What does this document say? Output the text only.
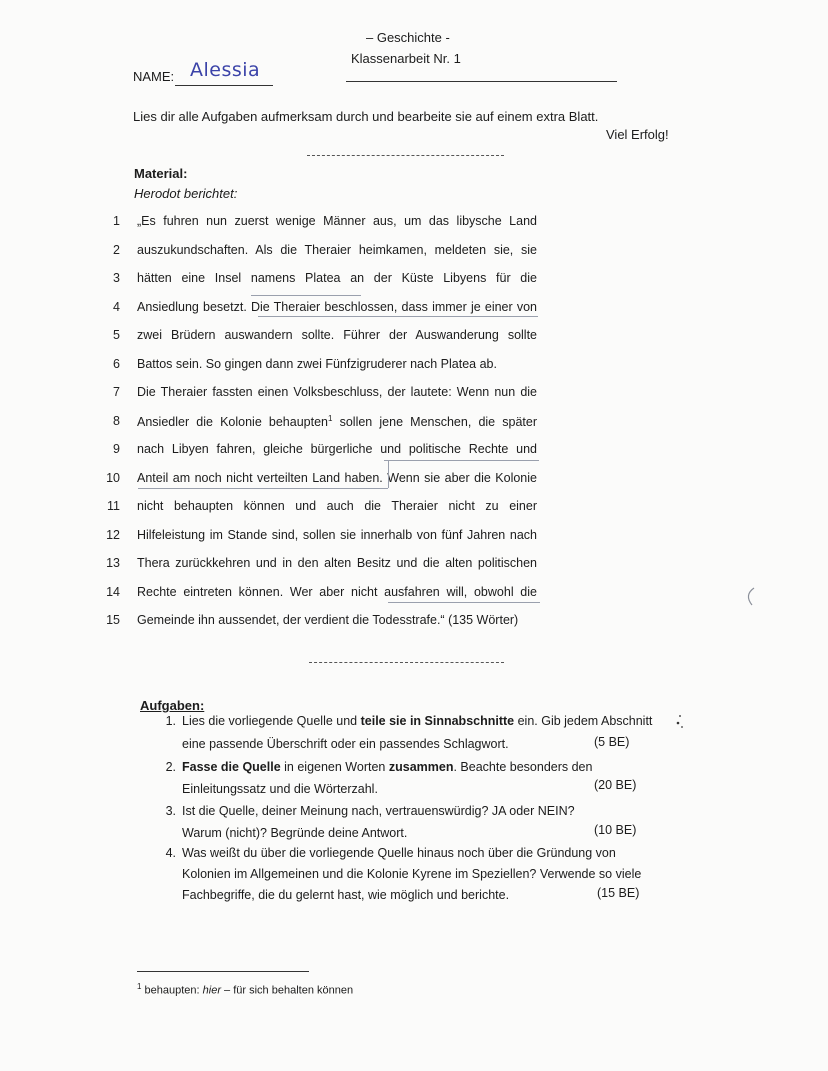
– Geschichte -
Klassenarbeit Nr. 1
NAME: Alessia
Lies dir alle Aufgaben aufmerksam durch und bearbeite sie auf einem extra Blatt.
Viel Erfolg!
Material:
Herodot berichtet:
1 „Es fuhren nun zuerst wenige Männer aus, um das libysche Land
2 auszukundschaften. Als die Theraier heimkamen, meldeten sie, sie
3 hätten eine Insel namens Platea an der Küste Libyens für die
4 Ansiedlung besetzt. Die Theraier beschlossen, dass immer je einer von
5 zwei Brüdern auswandern sollte. Führer der Auswanderung sollte
6 Battos sein. So gingen dann zwei Fünfzigruderer nach Platea ab.
7 Die Theraier fassten einen Volksbeschluss, der lautete: Wenn nun die
8 Ansiedler die Kolonie behaupten$^1$ sollen jene Menschen, die später
9 nach Libyen fahren, gleiche bürgerliche und politische Rechte und
10 Anteil am noch nicht verteilten Land haben. Wenn sie aber die Kolonie
11 nicht behaupten können und auch die Theraier nicht zu einer
12 Hilfeleistung im Stande sind, sollen sie innerhalb von fünf Jahren nach
13 Thera zurückkehren und in den alten Besitz und die alten politischen
14 Rechte eintreten können. Wer aber nicht ausfahren will, obwohl die
15 Gemeinde ihn aussendet, der verdient die Todesstrafe.“ (135 Wörter)
Aufgaben:
1. Lies die vorliegende Quelle und teile sie in Sinnabschnitte ein. Gib jedem Abschnitt
eine passende Überschrift oder ein passendes Schlagwort.	(5 BE)
2. Fasse die Quelle in eigenen Worten zusammen. Beachte besonders den
Einleitungssatz und die Wörterzahl.	(20 BE)
3. Ist die Quelle, deiner Meinung nach, vertrauenswürdig? JA oder NEIN?
Warum (nicht)? Begründe deine Antwort.	(10 BE)
4. Was weißt du über die vorliegende Quelle hinaus noch über die Gründung von
Kolonien im Allgemeinen und die Kolonie Kyrene im Speziellen? Verwende so viele
Fachbegriffe, die du gelernt hast, wie möglich und berichte.	(15 BE)
$^1$ behaupten: hier – für sich behalten können
